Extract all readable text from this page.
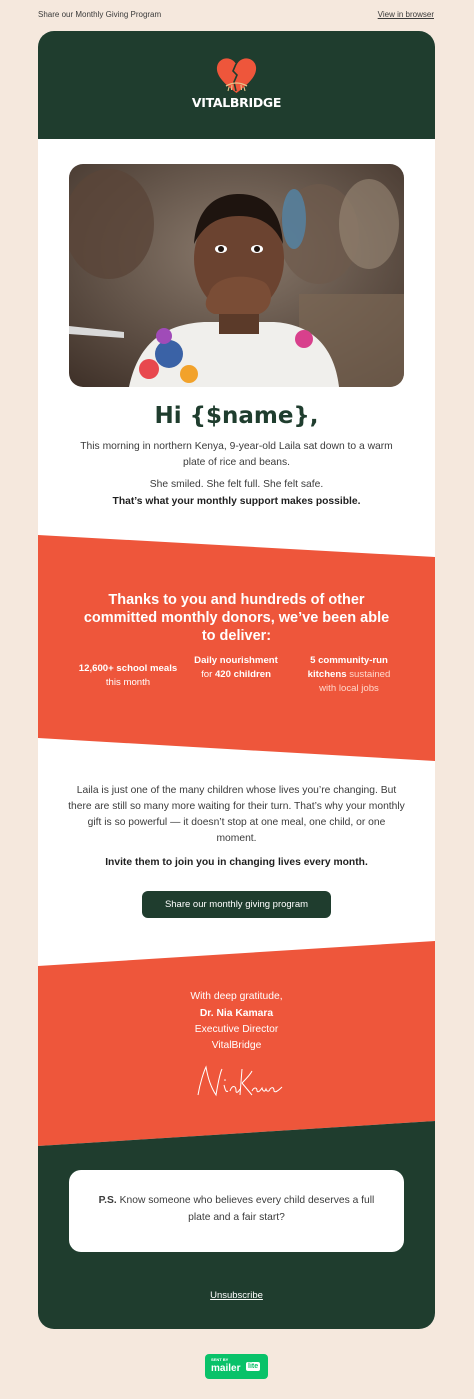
Share our Monthly Giving Program	View in browser
VITALBRIDGE
Hi {$name},
This morning in northern Kenya, 9-year-old Laila sat down to a warm plate of rice and beans.
She smiled. She felt full. She felt safe.
That’s what your monthly support makes possible.
Thanks to you and hundreds of other committed monthly donors, we’ve been able to deliver:
12,600+ school meals this month
Daily nourishment for 420 children
5 community-run kitchens sustained with local jobs
Laila is just one of the many children whose lives you’re changing. But there are still so many more waiting for their turn. That’s why your monthly gift is so powerful — it doesn’t stop at one meal, one child, or one moment.
Invite them to join you in changing lives every month.
Share our monthly giving program
With deep gratitude,
Dr. Nia Kamara
Executive Director
VitalBridge
P.S. Know someone who believes every child deserves a full plate and a fair start?
Unsubscribe
SENT BY
mailer lite
